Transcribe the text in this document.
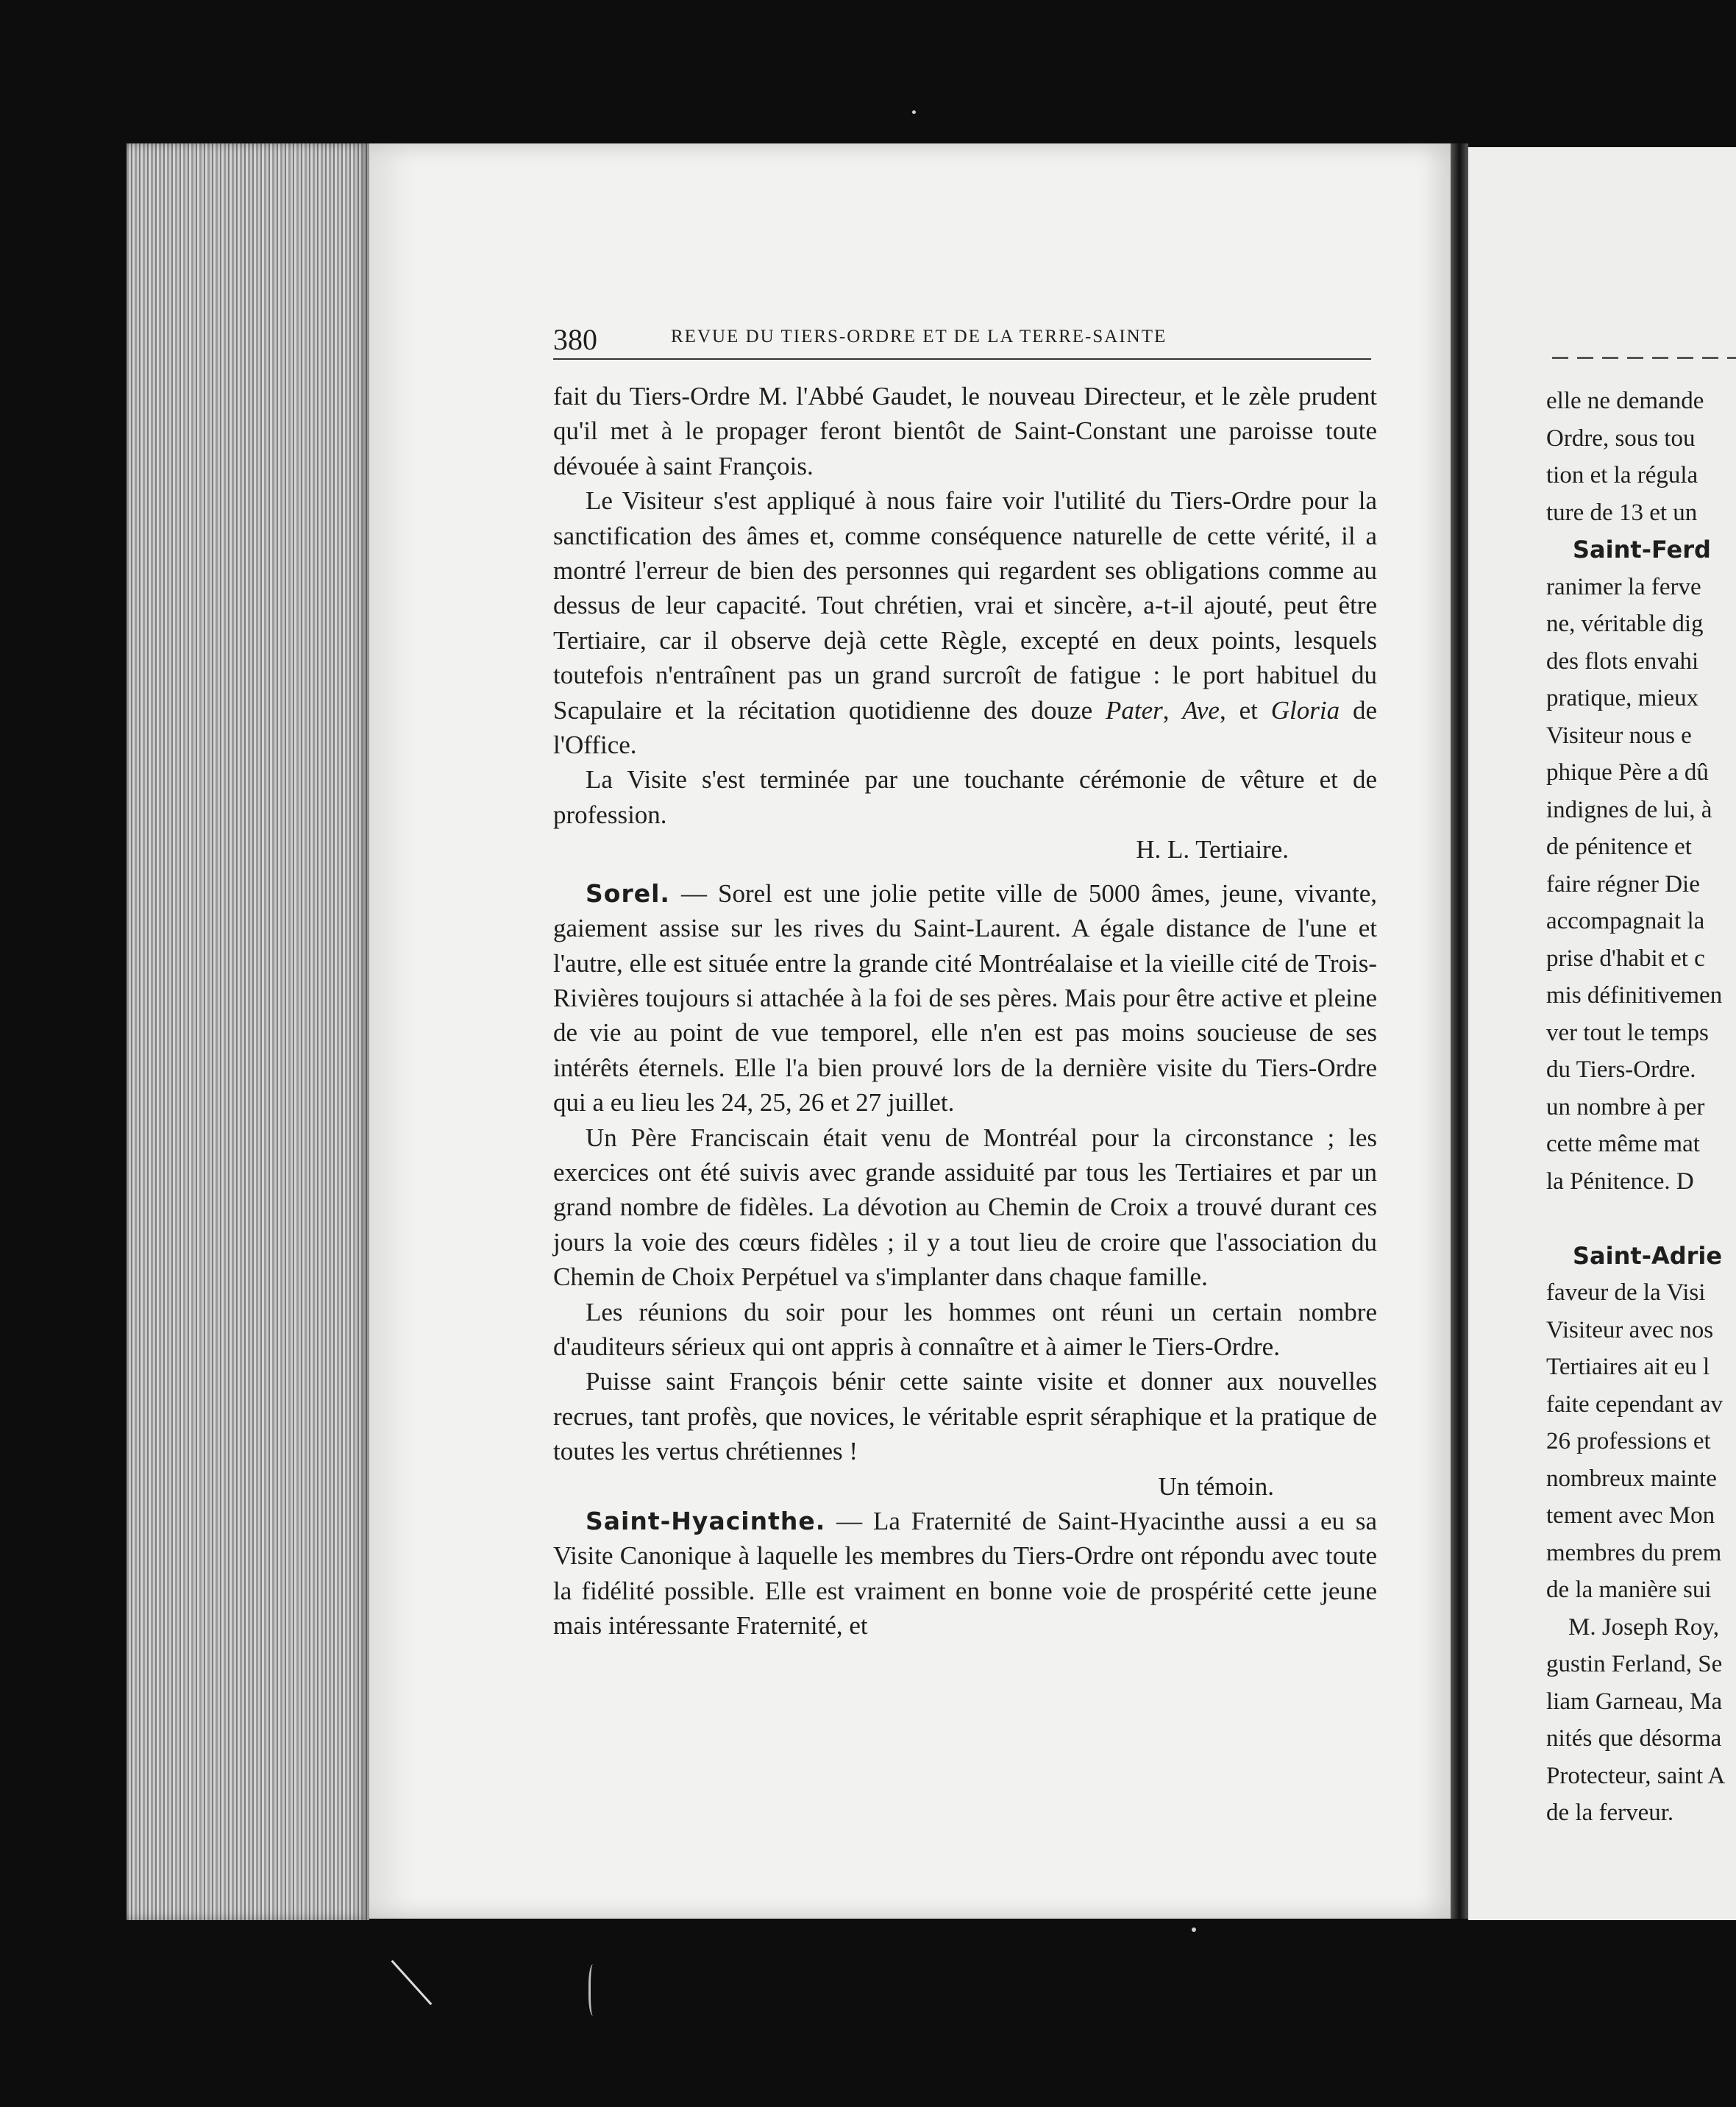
380	REVUE DU TIERS-ORDRE ET DE LA TERRE-SAINTE

fait du Tiers-Ordre M. l'Abbé Gaudet, le nouveau Directeur, et le zèle prudent qu'il met à le propager feront bientôt de Saint-Constant une paroisse toute dévouée à saint François.

Le Visiteur s'est appliqué à nous faire voir l'utilité du Tiers-Ordre pour la sanctification des âmes et, comme conséquence naturelle de cette vérité, il a montré l'erreur de bien des personnes qui regardent ses obligations comme au dessus de leur capacité. Tout chrétien, vrai et sincère, a-t-il ajouté, peut être Tertiaire, car il observe dejà cette Règle, excepté en deux points, lesquels toutefois n'entraînent pas un grand surcroît de fatigue : le port habituel du Scapulaire et la récitation quotidienne des douze Pater, Ave, et Gloria de l'Office.

La Visite s'est terminée par une touchante cérémonie de vêture et de profession.

H. L. Tertiaire.

Sorel. — Sorel est une jolie petite ville de 5000 âmes, jeune, vivante, gaiement assise sur les rives du Saint-Laurent. A égale distance de l'une et l'autre, elle est située entre la grande cité Montréalaise et la vieille cité de Trois-Rivières toujours si attachée à la foi de ses pères. Mais pour être active et pleine de vie au point de vue temporel, elle n'en est pas moins soucieuse de ses intérêts éternels. Elle l'a bien prouvé lors de la dernière visite du Tiers-Ordre qui a eu lieu les 24, 25, 26 et 27 juillet.

Un Père Franciscain était venu de Montréal pour la circonstance ; les exercices ont été suivis avec grande assiduité par tous les Tertiaires et par un grand nombre de fidèles. La dévotion au Chemin de Croix a trouvé durant ces jours la voie des cœurs fidèles ; il y a tout lieu de croire que l'association du Chemin de Choix Perpétuel va s'implanter dans chaque famille.

Les réunions du soir pour les hommes ont réuni un certain nombre d'auditeurs sérieux qui ont appris à connaître et à aimer le Tiers-Ordre.

Puisse saint François bénir cette sainte visite et donner aux nouvelles recrues, tant profès, que novices, le véritable esprit séraphique et la pratique de toutes les vertus chrétiennes !

Un témoin.

Saint-Hyacinthe. — La Fraternité de Saint-Hyacinthe aussi a eu sa Visite Canonique à laquelle les membres du Tiers-Ordre ont répondu avec toute la fidélité possible. Elle est vraiment en bonne voie de prospérité cette jeune mais intéressante Fraternité, et

elle ne demande

Ordre, sous tou

tion et la régula

ture de 13 et un

Saint-Ferd

ranimer la ferve

ne, véritable dig

des flots envahi

pratique, mieux

Visiteur nous e

phique Père a dû

indignes de lui, à

de pénitence et

faire régner Die

accompagnait la

prise d'habit et c

mis définitivemen

ver tout le temps

du Tiers-Ordre.

un nombre à per

cette même mat

la Pénitence. D

Saint-Adrie

faveur de la Visi

Visiteur avec nos

Tertiaires ait eu l

faite cependant av

26 professions et

nombreux mainte

tement avec Mon

membres du prem

de la manière sui

M. Joseph Roy,

gustin Ferland, Se

liam Garneau, Ma

nités que désorma

Protecteur, saint A

de la ferveur.
